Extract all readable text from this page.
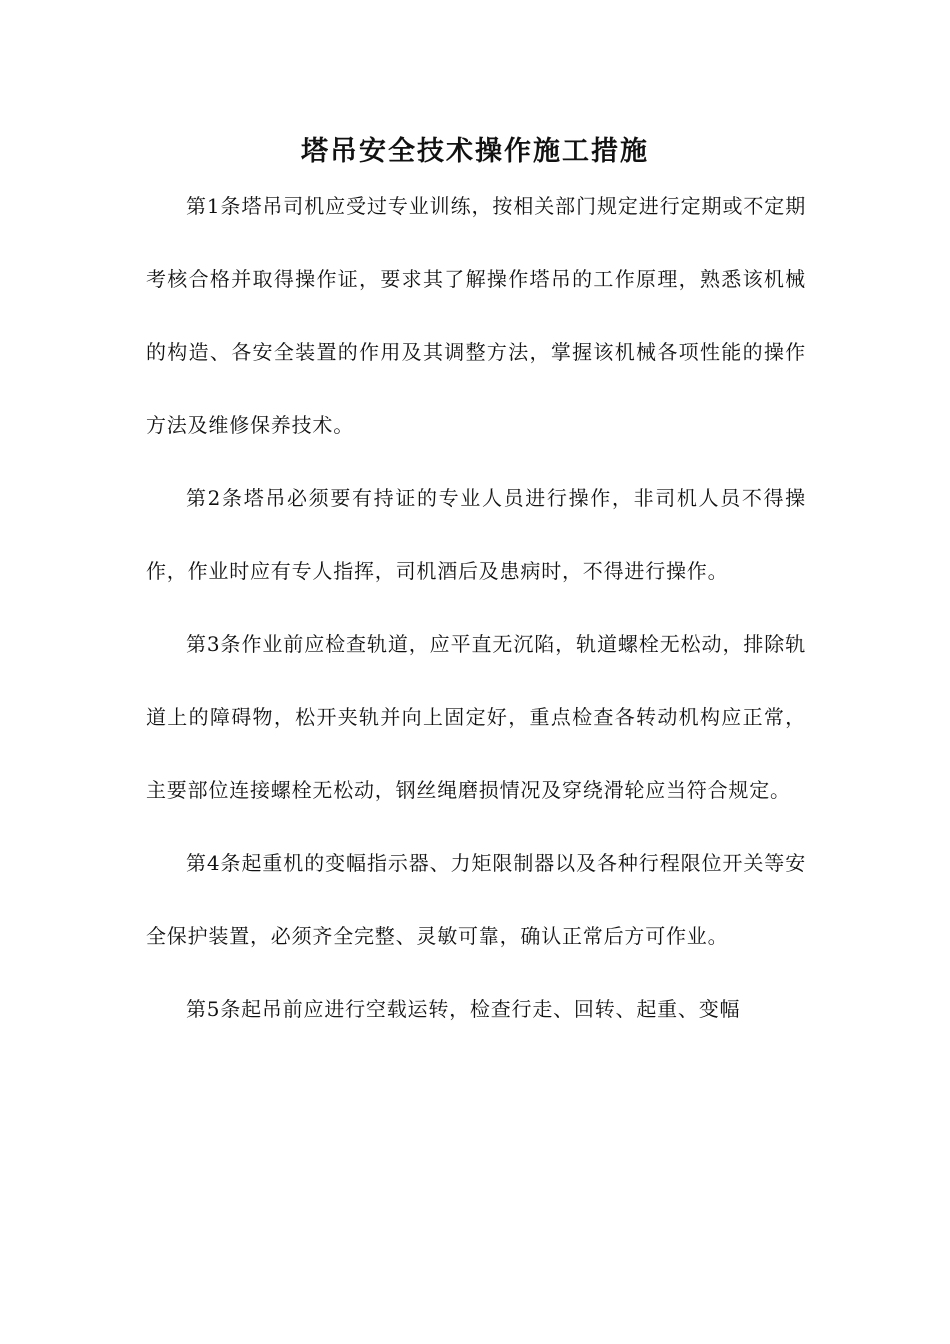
塔吊安全技术操作施工措施

第1条塔吊司机应受过专业训练，按相关部门规定进行定期或不定期考核合格并取得操作证，要求其了解操作塔吊的工作原理，熟悉该机械的构造、各安全装置的作用及其调整方法，掌握该机械各项性能的操作方法及维修保养技术。

第2条塔吊必须要有持证的专业人员进行操作，非司机人员不得操作，作业时应有专人指挥，司机酒后及患病时，不得进行操作。

第3条作业前应检查轨道，应平直无沉陷，轨道螺栓无松动，排除轨道上的障碍物，松开夹轨并向上固定好，重点检查各转动机构应正常，主要部位连接螺栓无松动，钢丝绳磨损情况及穿绕滑轮应当符合规定。

第4条起重机的变幅指示器、力矩限制器以及各种行程限位开关等安全保护装置，必须齐全完整、灵敏可靠，确认正常后方可作业。

第5条起吊前应进行空载运转，检查行走、回转、起重、变幅
